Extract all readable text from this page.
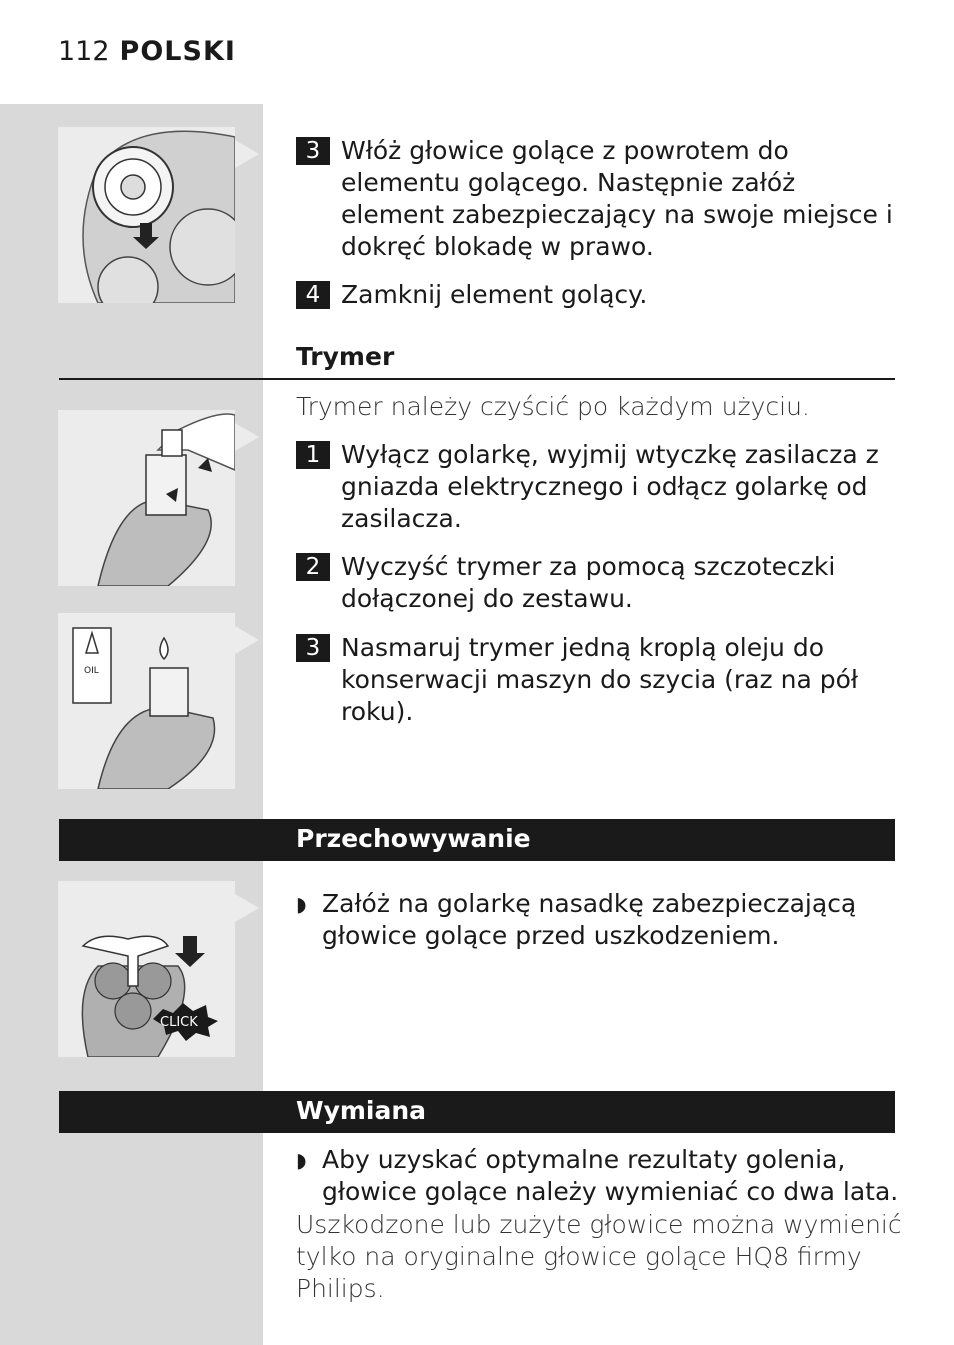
112 POLSKI
3 Włóż głowice golące z powrotem do elementu golącego. Następnie załóż element zabezpieczający na swoje miejsce i dokręć blokadę w prawo.
4 Zamknij element golący.
Trymer
Trymer należy czyścić po każdym użyciu.
1 Wyłącz golarkę, wyjmij wtyczkę zasilacza z gniazda elektrycznego i odłącz golarkę od zasilacza.
2 Wyczyść trymer za pomocą szczoteczki dołączonej do zestawu.
OIL
3 Nasmaruj trymer jedną kroplą oleju do konserwacji maszyn do szycia (raz na pół roku).
Przechowywanie
CLICK
◗ Załóż na golarkę nasadkę zabezpieczającą głowice golące przed uszkodzeniem.
Wymiana
◗ Aby uzyskać optymalne rezultaty golenia, głowice golące należy wymieniać co dwa lata.
Uszkodzone lub zużyte głowice można wymienić tylko na oryginalne głowice golące HQ8 firmy Philips.
